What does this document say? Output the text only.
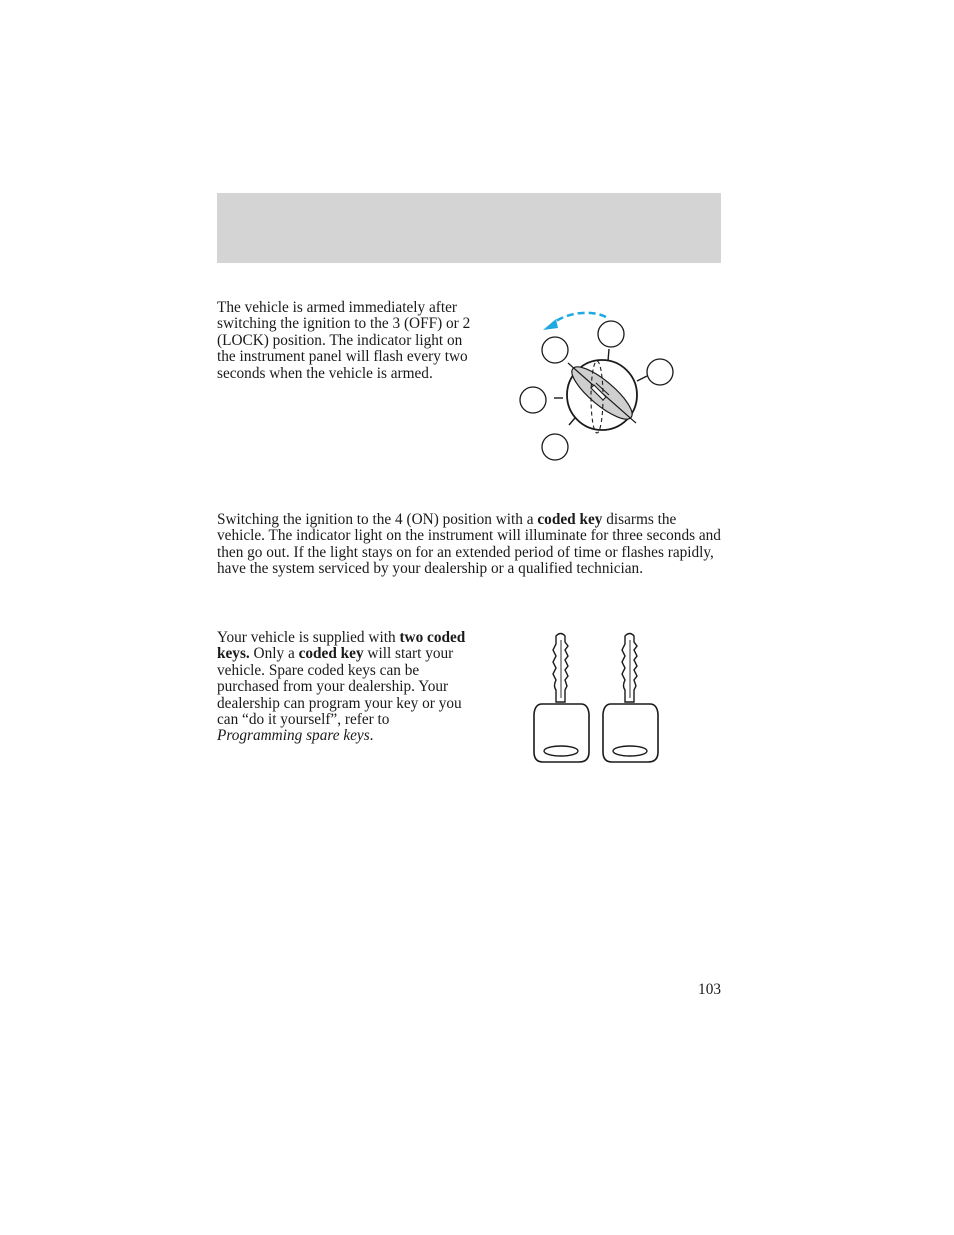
The vehicle is armed immediately after switching the ignition to the 3 (OFF) or 2 (LOCK) position. The indicator light on the instrument panel will flash every two seconds when the vehicle is armed.

Switching the ignition to the 4 (ON) position with a coded key disarms the vehicle. The indicator light on the instrument will illuminate for three seconds and then go out. If the light stays on for an extended period of time or flashes rapidly, have the system serviced by your dealership or a qualified technician.

Your vehicle is supplied with two coded keys. Only a coded key will start your vehicle. Spare coded keys can be purchased from your dealership. Your dealership can program your key or you can “do it yourself”, refer to Programming spare keys.

103
